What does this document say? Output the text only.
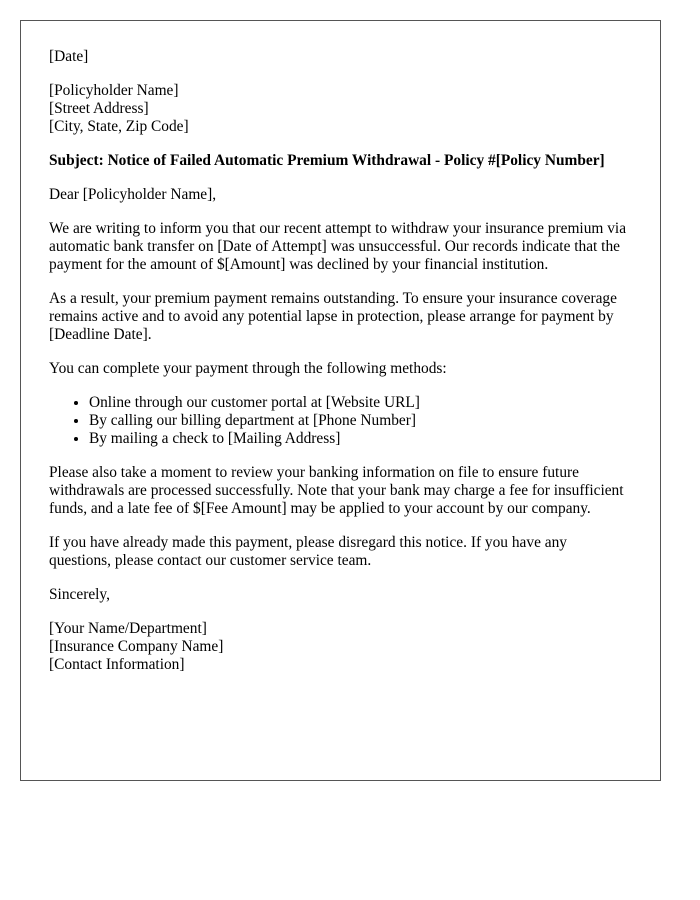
[Date]
[Policyholder Name]
[Street Address]
[City, State, Zip Code]

Subject: Notice of Failed Automatic Premium Withdrawal - Policy #[Policy Number]

Dear [Policyholder Name],

We are writing to inform you that our recent attempt to withdraw your insurance premium via automatic bank transfer on [Date of Attempt] was unsuccessful. Our records indicate that the payment for the amount of $[Amount] was declined by your financial institution.

As a result, your premium payment remains outstanding. To ensure your insurance coverage remains active and to avoid any potential lapse in protection, please arrange for payment by [Deadline Date].

You can complete your payment through the following methods:

• Online through our customer portal at [Website URL]
• By calling our billing department at [Phone Number]
• By mailing a check to [Mailing Address]

Please also take a moment to review your banking information on file to ensure future withdrawals are processed successfully. Note that your bank may charge a fee for insufficient funds, and a late fee of $[Fee Amount] may be applied to your account by our company.

If you have already made this payment, please disregard this notice. If you have any questions, please contact our customer service team.

Sincerely,

[Your Name/Department]
[Insurance Company Name]
[Contact Information]
